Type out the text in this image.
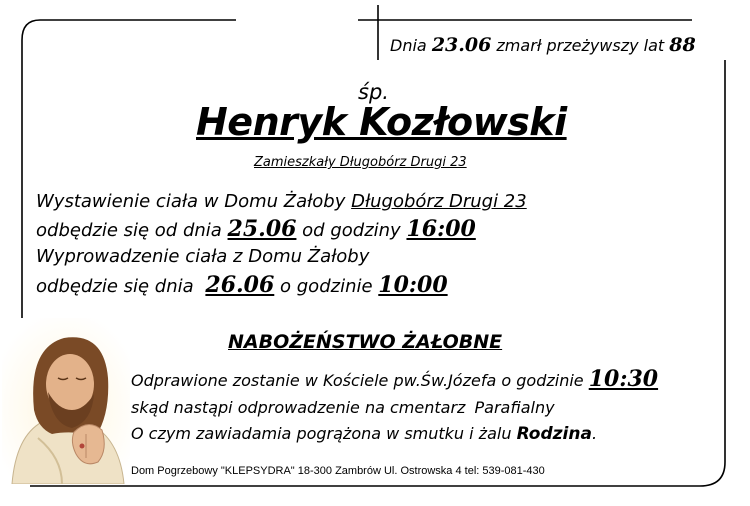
Dnia 23.06 zmarł przeżywszy lat 88
śp.
Henryk Kozłowski
Zamieszkały Długobórz Drugi 23
Wystawienie ciała w Domu Żałoby Długobórz Drugi 23
odbędzie się od dnia 25.06 od godziny 16:00
Wyprowadzenie ciała z Domu Żałoby
odbędzie się dnia 26.06 o godzinie 10:00
NABOŻEŃSTWO ŻAŁOBNE
Odprawione zostanie w Kościele pw.Św.Józefa o godzinie 10:30
skąd nastąpi odprowadzenie na cmentarz Parafialny
O czym zawiadamia pogrążona w smutku i żalu Rodzina.
Dom Pogrzebowy "KLEPSYDRA" 18-300 Zambrów Ul. Ostrowska 4 tel: 539-081-430
